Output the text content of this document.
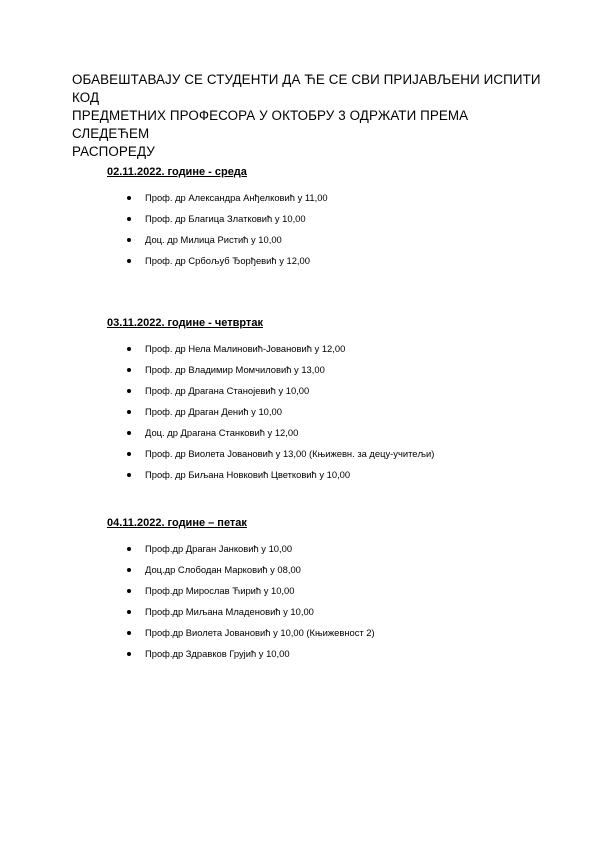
ОБАВЕШТАВАЈУ СЕ СТУДЕНТИ ДА ЋЕ СЕ СВИ ПРИЈАВЉЕНИ ИСПИТИ КОД
ПРЕДМЕТНИХ ПРОФЕСОРА У ОКТОБРУ 3 ОДРЖАТИ ПРЕМА СЛЕДЕЋЕМ
РАСПОРЕДУ
02.11.2022. године - среда
Проф. др Александра Анђелковић у 11,00
Проф. др Благица Златковић у 10,00
Доц. др Милица Ристић у 10,00
Проф. др Србољуб Ђорђевић у 12,00
03.11.2022. године - четвртак
Проф. др Нела Малиновић-Јовановић у 12,00
Проф. др Владимир Момчиловић у 13,00
Проф. др Драгана Станојевић у 10,00
Проф. др Драган Денић у 10,00
Доц. др Драгана Станковић у 12,00
Проф. др Виолета Јовановић у 13,00 (Књижевн. за децу-учитељи)
Проф. др Биљана Новковић Цветковић у 10,00
04.11.2022. године – петак
Проф.др Драган Јанковић у 10,00
Доц.др Слободан Марковић у 08,00
Проф.др Мирослав Ћирић у 10,00
Проф.др Миљана Младеновић у 10,00
Проф.др Виолета Јовановић у 10,00 (Књижевност 2)
Проф.др Здравков Грујић у 10,00
